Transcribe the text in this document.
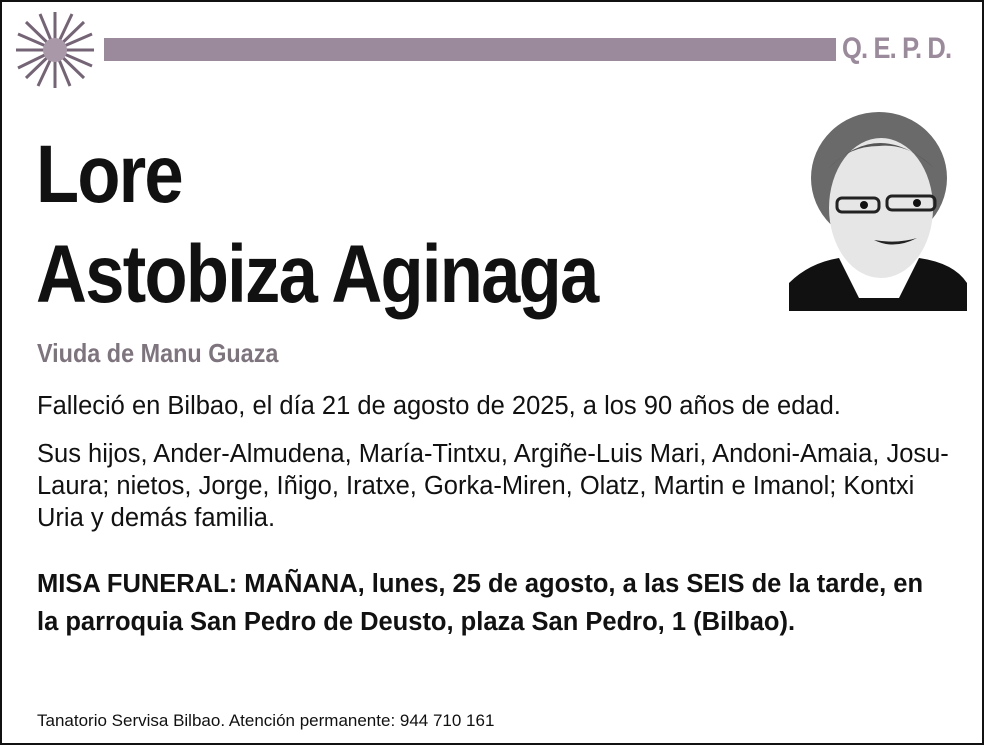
Q. E. P. D.
Lore
Astobiza Aginaga
Viuda de Manu Guaza
Falleció en Bilbao, el día 21 de agosto de 2025, a los 90 años de edad.
Sus hijos, Ander-Almudena, María-Tintxu, Argiñe-Luis Mari, Andoni-Amaia, Josu-Laura; nietos, Jorge, Iñigo, Iratxe, Gorka-Miren, Olatz, Martin e Imanol; Kontxi Uria y demás familia.
MISA FUNERAL: MAÑANA, lunes, 25 de agosto, a las SEIS de la tarde, en la parroquia San Pedro de Deusto, plaza San Pedro, 1 (Bilbao).
Tanatorio Servisa Bilbao. Atención permanente: 944 710 161
